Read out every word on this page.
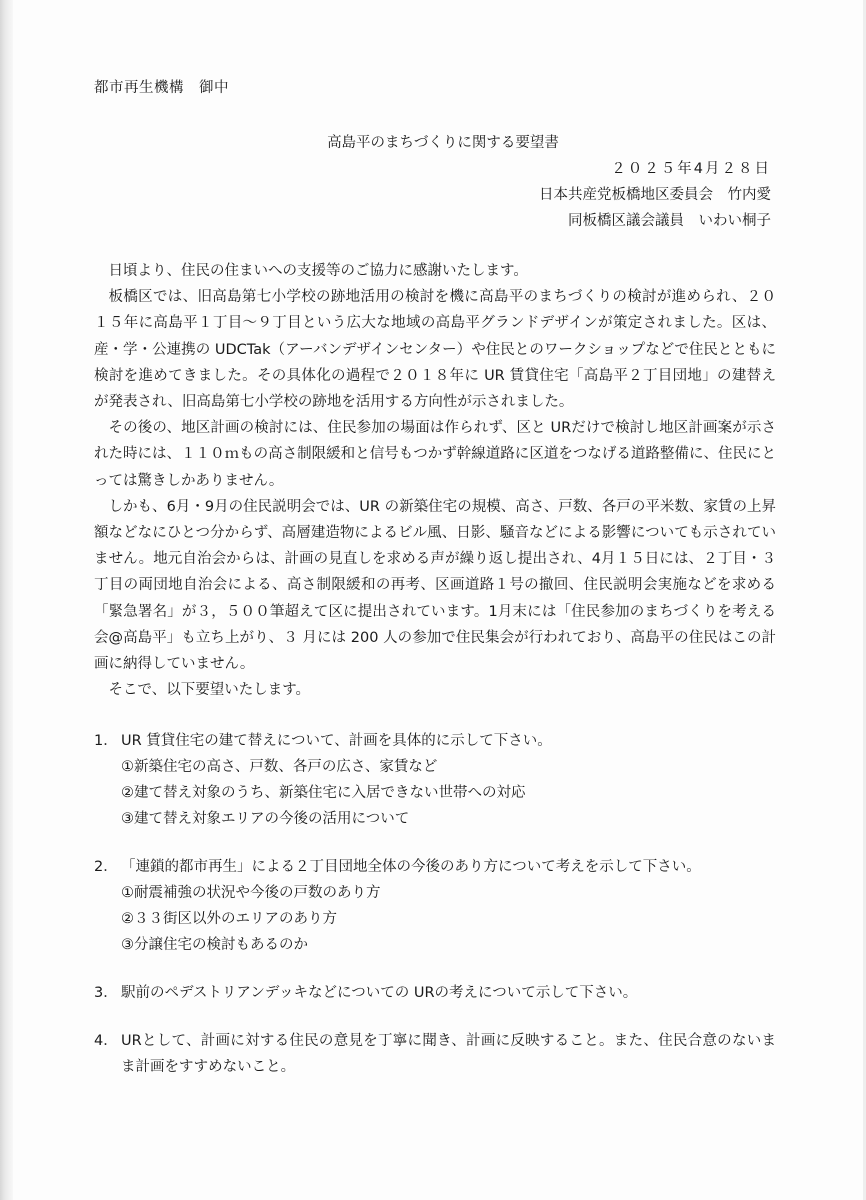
都市再生機構　御中
高島平のまちづくりに関する要望書
２０２５年4月２８日
日本共産党板橋地区委員会　竹内愛
同板橋区議会議員　いわい桐子

日頃より、住民の住まいへの支援等のご協力に感謝いたします。

板橋区では、旧高島第七小学校の跡地活用の検討を機に高島平のまちづくりの検討が進められ、２０１５年に高島平１丁目〜９丁目という広大な地域の高島平グランドデザインが策定されました。区は、産・学・公連携の UDCTak（アーバンデザインセンター）や住民とのワークショップなどで住民とともに検討を進めてきました。その具体化の過程で２０１８年に UR 賃貸住宅「高島平２丁目団地」の建替えが発表され、旧高島第七小学校の跡地を活用する方向性が示されました。

その後の、地区計画の検討には、住民参加の場面は作られず、区と URだけで検討し地区計画案が示された時には、１１０ｍもの高さ制限緩和と信号もつかず幹線道路に区道をつなげる道路整備に、住民にとっては驚きしかありません。

しかも、6月・9月の住民説明会では、UR の新築住宅の規模、高さ、戸数、各戸の平米数、家賃の上昇額などなにひとつ分からず、高層建造物によるビル風、日影、騒音などによる影響についても示されていません。地元自治会からは、計画の見直しを求める声が繰り返し提出され、4月１５日には、２丁目・３丁目の両団地自治会による、高さ制限緩和の再考、区画道路１号の撤回、住民説明会実施などを求める「緊急署名」が３，５００筆超えて区に提出されています。1月末には「住民参加のまちづくりを考える会@高島平」も立ち上がり、３ 月には 200 人の参加で住民集会が行われており、高島平の住民はこの計画に納得していません。

そこで、以下要望いたします。

1． UR 賃貸住宅の建て替えについて、計画を具体的に示して下さい。
①新築住宅の高さ、戸数、各戸の広さ、家賃など
②建て替え対象のうち、新築住宅に入居できない世帯への対応
③建て替え対象エリアの今後の活用について
2． 「連鎖的都市再生」による２丁目団地全体の今後のあり方について考えを示して下さい。
①耐震補強の状況や今後の戸数のあり方
②３３街区以外のエリアのあり方
③分譲住宅の検討もあるのか
3． 駅前のペデストリアンデッキなどについての URの考えについて示して下さい。
4． URとして、計画に対する住民の意見を丁寧に聞き、計画に反映すること。また、住民合意のないまま計画をすすめないこと。
